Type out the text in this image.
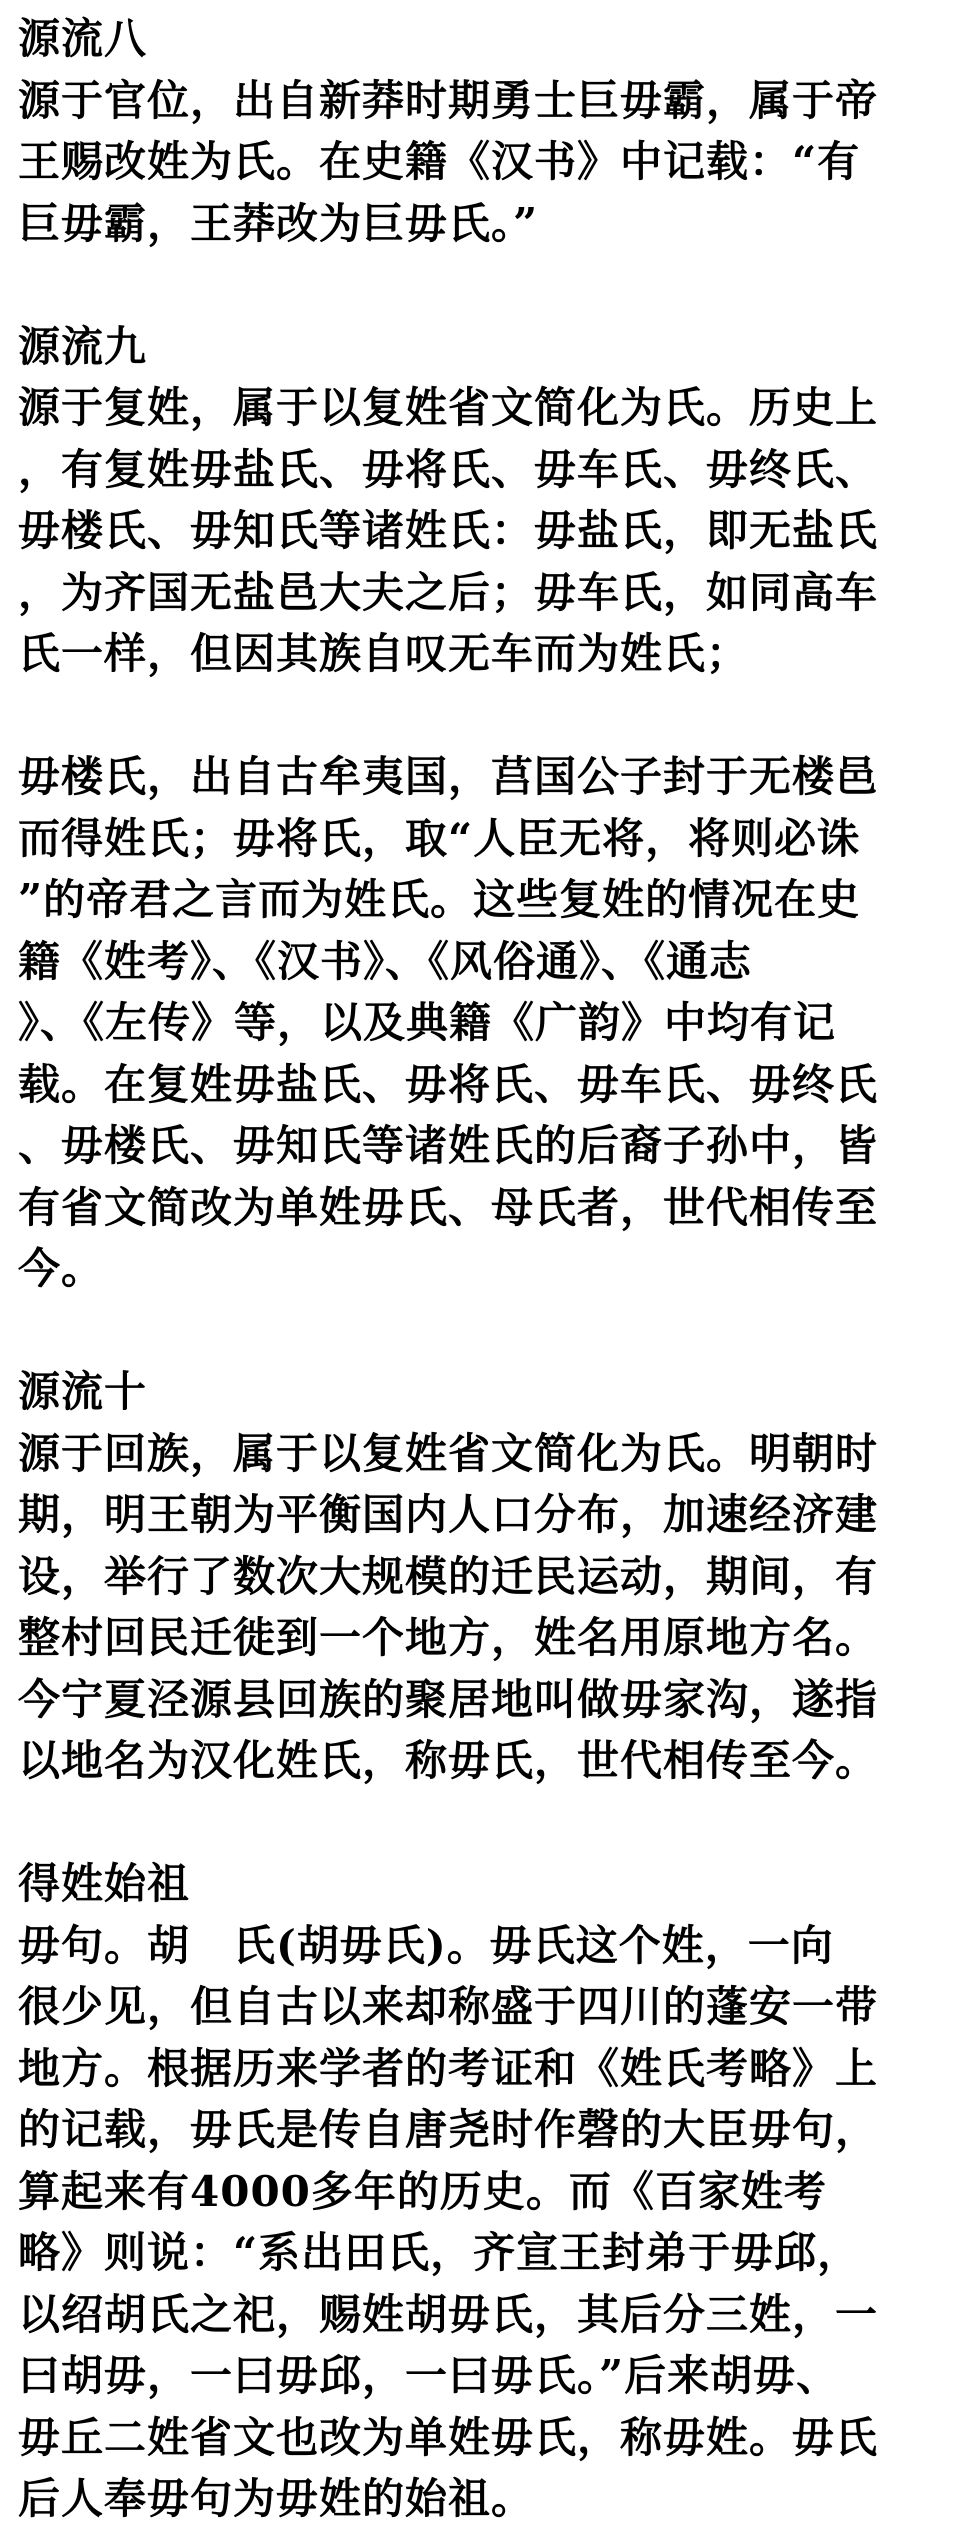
源流八
源于官位，出自新莽时期勇士巨毋霸，属于帝
王赐改姓为氏。在史籍《汉书》中记载：“有
巨毋霸，王莽改为巨毋氏。”
源流九
源于复姓，属于以复姓省文简化为氏。历史上
，有复姓毋盐氏、毋将氏、毋车氏、毋终氏、
毋楼氏、毋知氏等诸姓氏：毋盐氏，即无盐氏
，为齐国无盐邑大夫之后；毋车氏，如同高车
氏一样，但因其族自叹无车而为姓氏；
毋楼氏，出自古牟夷国，莒国公子封于无楼邑
而得姓氏；毋将氏，取“人臣无将，将则必诛
”的帝君之言而为姓氏。这些复姓的情况在史
籍《姓考》、《汉书》、《风俗通》、《通志
》、《左传》等，以及典籍《广韵》中均有记
载。在复姓毋盐氏、毋将氏、毋车氏、毋终氏
、毋楼氏、毋知氏等诸姓氏的后裔子孙中，皆
有省文简改为单姓毋氏、母氏者，世代相传至
今。
源流十
源于回族，属于以复姓省文简化为氏。明朝时
期，明王朝为平衡国内人口分布，加速经济建
设，举行了数次大规模的迁民运动，期间，有
整村回民迁徙到一个地方，姓名用原地方名。
今宁夏泾源县回族的聚居地叫做毋家沟，遂指
以地名为汉化姓氏，称毋氏，世代相传至今。
得姓始祖
毋句。胡　氏(胡毋氏)。毋氏这个姓，一向
很少见，但自古以来却称盛于四川的蓬安一带
地方。根据历来学者的考证和《姓氏考略》上
的记载，毋氏是传自唐尧时作磬的大臣毋句，
算起来有4000多年的历史。而《百家姓考
略》则说：“系出田氏，齐宣王封弟于毋邱，
以绍胡氏之祀，赐姓胡毋氏，其后分三姓，一
曰胡毋，一曰毋邱，一曰毋氏。”后来胡毋、
毋丘二姓省文也改为单姓毋氏，称毋姓。毋氏
后人奉毋句为毋姓的始祖。
